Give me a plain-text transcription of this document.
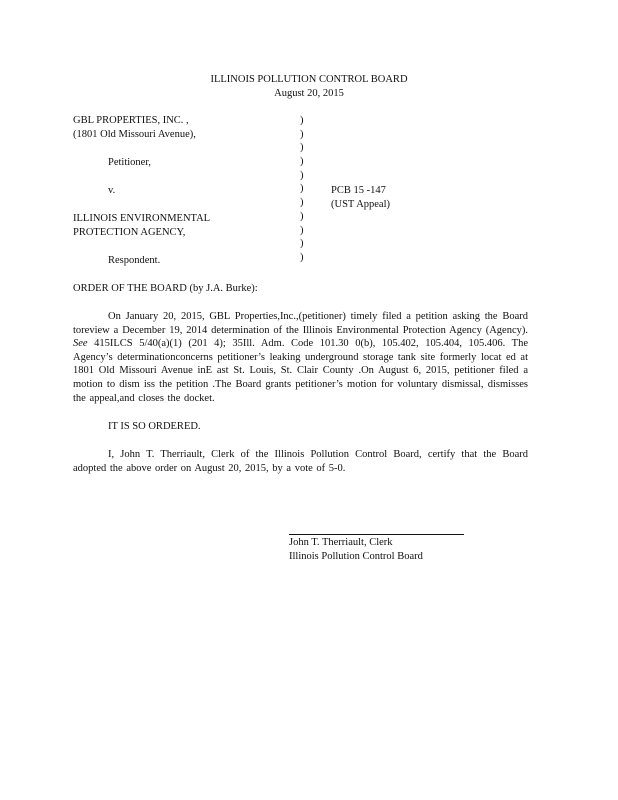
ILLINOIS POLLUTION CONTROL BOARD
August 20, 2015
GBL PROPERTIES, INC. ,
(1801 Old Missouri Avenue),
Petitioner,
v.
ILLINOIS ENVIRONMENTAL
PROTECTION AGENCY,
Respondent.
)
)
)
)
)
)
)
)
)
)
)
PCB 15 -147
(UST Appeal)
ORDER OF THE BOARD (by J.A. Burke):
On January 20, 2015, GBL Properties,Inc.,(petitioner) timely filed a petition asking the Board toreview a December 19, 2014 determination of the Illinois Environmental Protection Agency (Agency). See 415ILCS 5/40(a)(1) (201 4); 35Ill. Adm. Code 101.30 0(b), 105.402, 105.404, 105.406. The Agency’s determinationconcerns petitioner’s leaking underground storage tank site formerly locat ed at 1801 Old Missouri Avenue inE ast St. Louis, St. Clair County .On August 6, 2015, petitioner filed a motion to dism iss the petition .The Board grants petitioner’s motion for voluntary dismissal, dismisses the appeal,and closes the docket.
IT IS SO ORDERED.
I, John T. Therriault, Clerk of the Illinois Pollution Control Board, certify that the Board adopted the above order on August 20, 2015, by a vote of 5-0.
John T. Therriault, Clerk
Illinois Pollution Control Board
